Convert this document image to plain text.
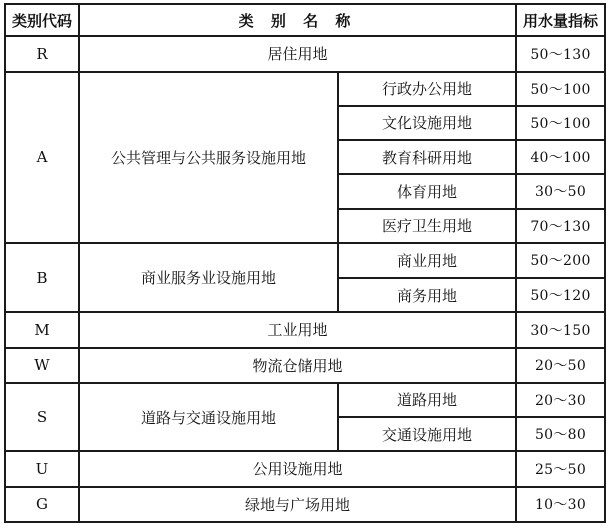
类别代码	类 别 名 称		用水量指标
R	居住用地		50～130
A	公共管理与公共服务设施用地	行政办公用地	50～100
		文化设施用地	50～100
		教育科研用地	40～100
		体育用地	30～50
		医疗卫生用地	70～130
B	商业服务业设施用地	商业用地	50～200
		商务用地	50～120
M	工业用地		30～150
W	物流仓储用地		20～50
S	道路与交通设施用地	道路用地	20～30
		交通设施用地	50～80
U	公用设施用地		25～50
G	绿地与广场用地		10～30
